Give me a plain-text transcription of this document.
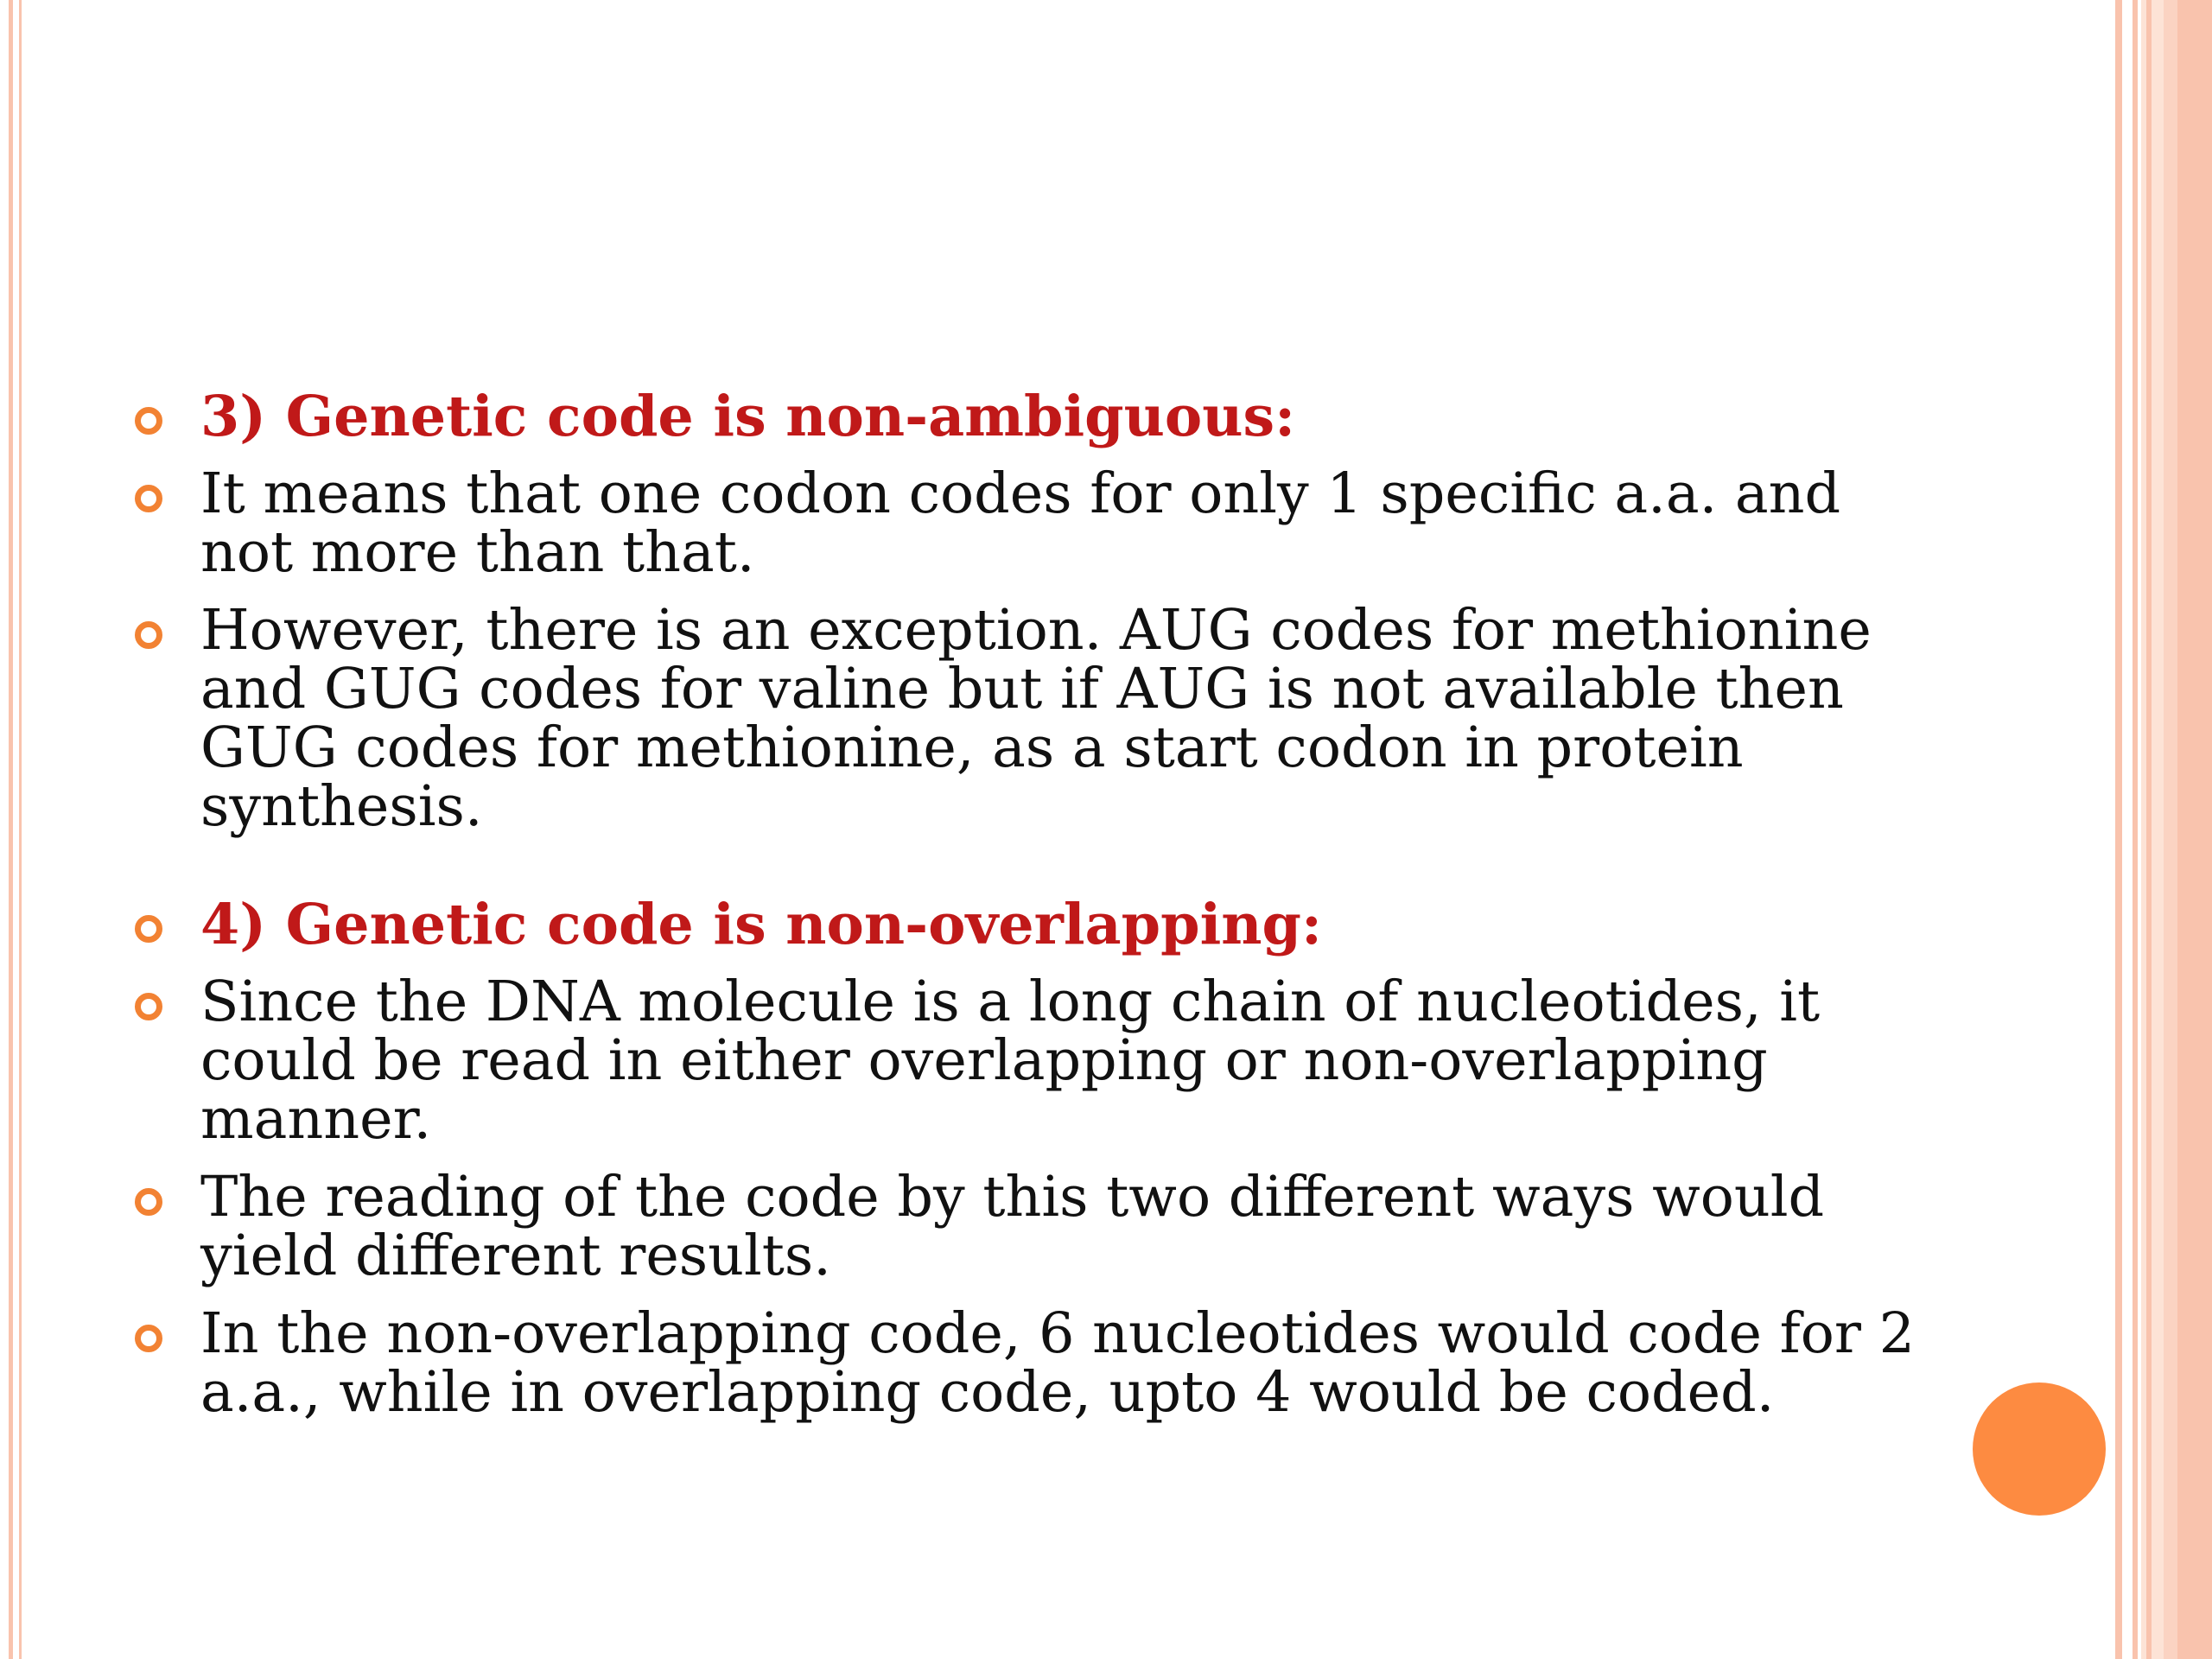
3) Genetic code is non-ambiguous:
It means that one codon codes for only 1 specific a.a. and not more than that.
However, there is an exception. AUG codes for methionine and GUG codes for valine but if AUG is not available then GUG codes for methionine, as a start codon in protein synthesis.
4) Genetic code is non-overlapping:
Since the DNA molecule is a long chain of nucleotides, it could be read in either overlapping or non-overlapping manner.
The reading of the code by this two different ways would yield different results.
In the non-overlapping code, 6 nucleotides would code for 2 a.a., while in overlapping code, upto 4 would be coded.
